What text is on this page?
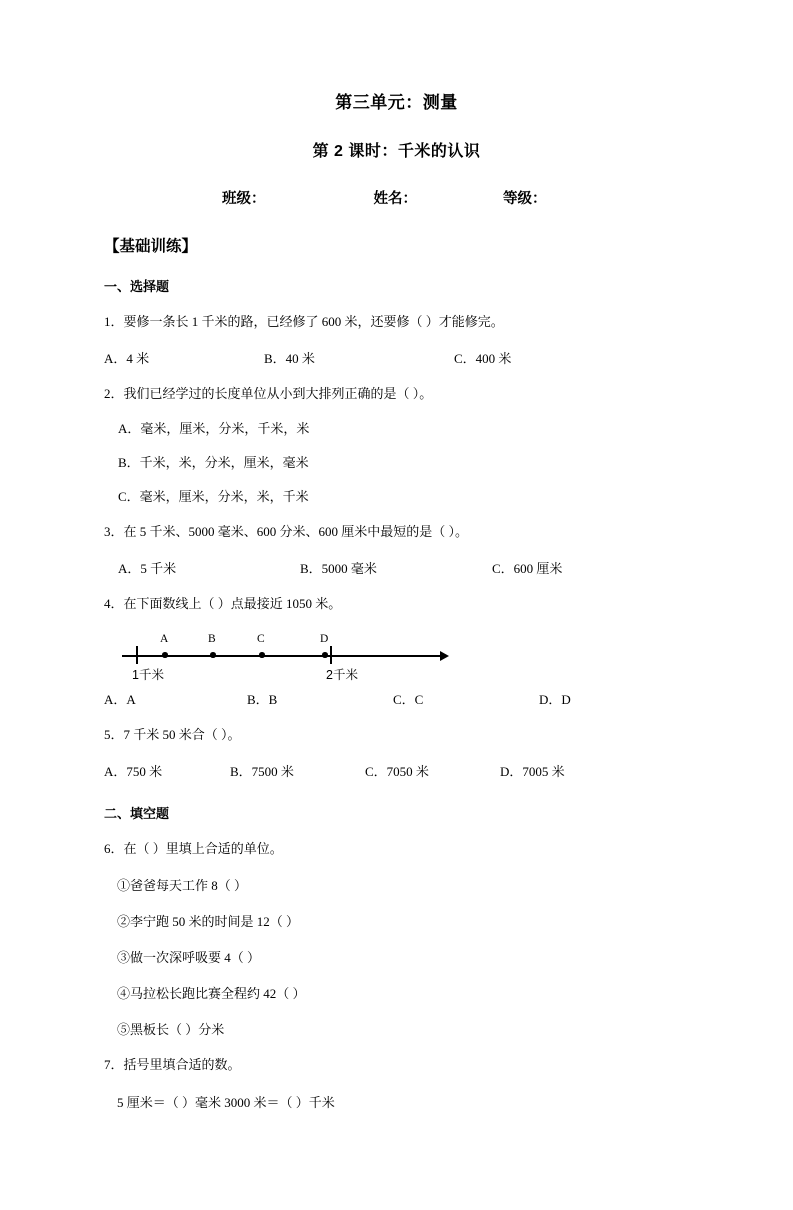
第三单元：测量
第 2 课时：千米的认识
班级：	姓名：	等级：
【基础训练】
一、选择题
1．要修一条长 1 千米的路，已经修了 600 米，还要修（ ）才能修完。
A．4 米	B．40 米	C．400 米
2．我们已经学过的长度单位从小到大排列正确的是（ ）。
A．毫米，厘米，分米，千米，米
B．千米，米，分米，厘米，毫米
C．毫米，厘米，分米，米，千米
3．在 5 千米、5000 毫米、600 分米、600 厘米中最短的是（ ）。
A．5 千米	B．5000 毫米	C．600 厘米
4．在下面数线上（ ）点最接近 1050 米。
A	B	C	D
1千米	2千米
A．A	B．B	C．C	D．D
5．7 千米 50 米合（ ）。
A．750 米	B．7500 米	C．7050 米	D．7005 米
二、填空题
6．在（ ）里填上合适的单位。
①爸爸每天工作 8（ ）
②李宁跑 50 米的时间是 12（ ）
③做一次深呼吸要 4（ ）
④马拉松长跑比赛全程约 42（ ）
⑤黑板长（ ）分米
7．括号里填合适的数。
5 厘米＝（ ）毫米 3000 米＝（ ）千米
